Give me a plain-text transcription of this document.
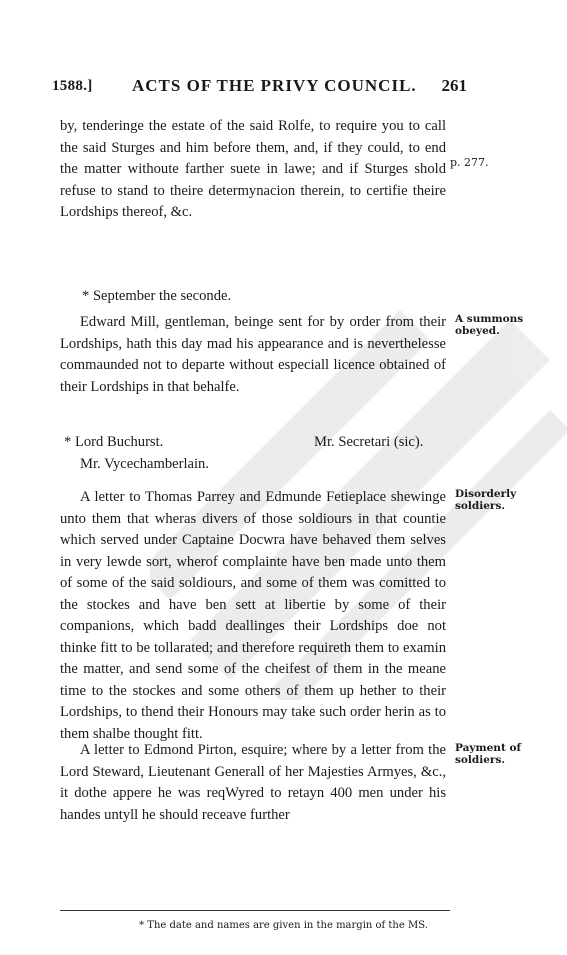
1588.] ACTS OF THE PRIVY COUNCIL. 261
by, tenderinge the estate of the said Rolfe, to require you to call the said Sturges and him before them, and, if they could, to end the matter withoute farther suete in lawe; and if Sturges shold refuse to stand to theire determynacion therein, to certifie theire Lordships thereof, &c.
p. 277.
* September the seconde.
Edward Mill, gentleman, beinge sent for by order from their Lordships, hath this day mad his appearance and is neverthelesse commaunded not to departe without especiall licence obtained of their Lordships in that behalfe.
A summons obeyed.
* Lord Buchurst.	Mr. Secretari (sic).
Mr. Vycechamberlain.
A letter to Thomas Parrey and Edmunde Fetieplace shewinge unto them that wheras divers of those soldiours in that countie which served under Captaine Docwra have behaved them selves in very lewde sort, wherof complainte have ben made unto them of some of the said soldiours, and some of them was comitted to the stockes and have ben sett at libertie by some of their companions, which badd deallinges their Lordships doe not thinke fitt to be tollarated; and therefore requireth them to examin the matter, and send some of the cheifest of them in the meane time to the stockes and some others of them up hether to their Lordships, to thend their Honours may take such order herin as to them shalbe thought fitt.
Disorderly soldiers.
A letter to Edmond Pirton, esquire; where by a letter from the Lord Steward, Lieutenant Generall of her Majesties Armyes, &c., it dothe appere he was reqWyred to retayn 400 men under his handes untyll he should receave further
Payment of soldiers.
* The date and names are given in the margin of the MS.
